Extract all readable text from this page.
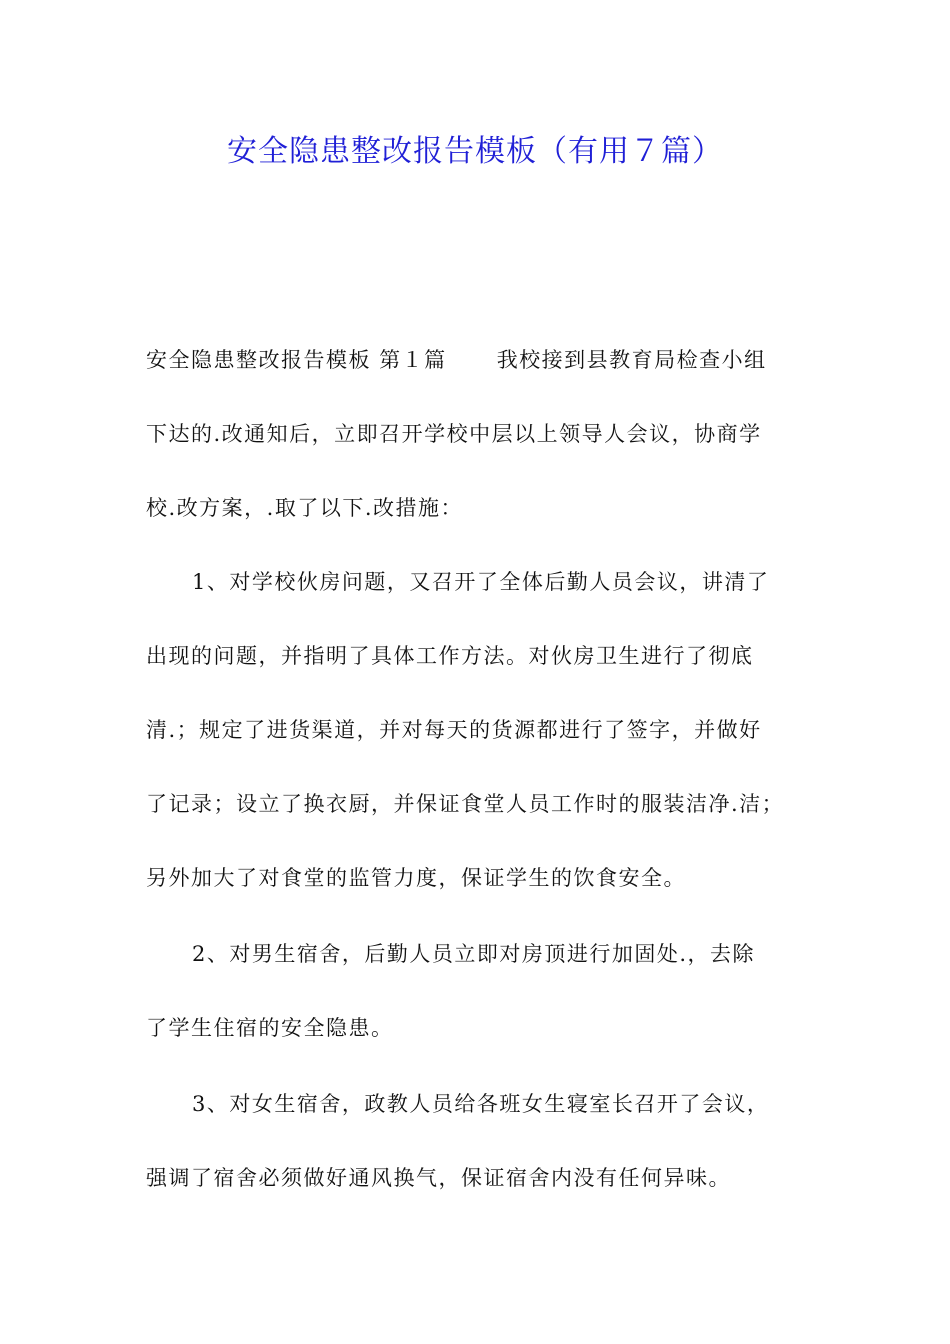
安全隐患整改报告模板（有用７篇）
安全隐患整改报告模板 第１篇 我校接到县教育局检查小组
下达的.改通知后，立即召开学校中层以上领导人会议，协商学
校.改方案，.取了以下.改措施：
1、对学校伙房问题，又召开了全体后勤人员会议，讲清了
出现的问题，并指明了具体工作方法。对伙房卫生进行了彻底
清.；规定了进货渠道，并对每天的货源都进行了签字，并做好
了记录；设立了换衣厨，并保证食堂人员工作时的服装洁净.洁；
另外加大了对食堂的监管力度，保证学生的饮食安全。
2、对男生宿舍，后勤人员立即对房顶进行加固处.，去除
了学生住宿的安全隐患。
3、对女生宿舍，政教人员给各班女生寝室长召开了会议，
强调了宿舍必须做好通风换气，保证宿舍内没有任何异味。
